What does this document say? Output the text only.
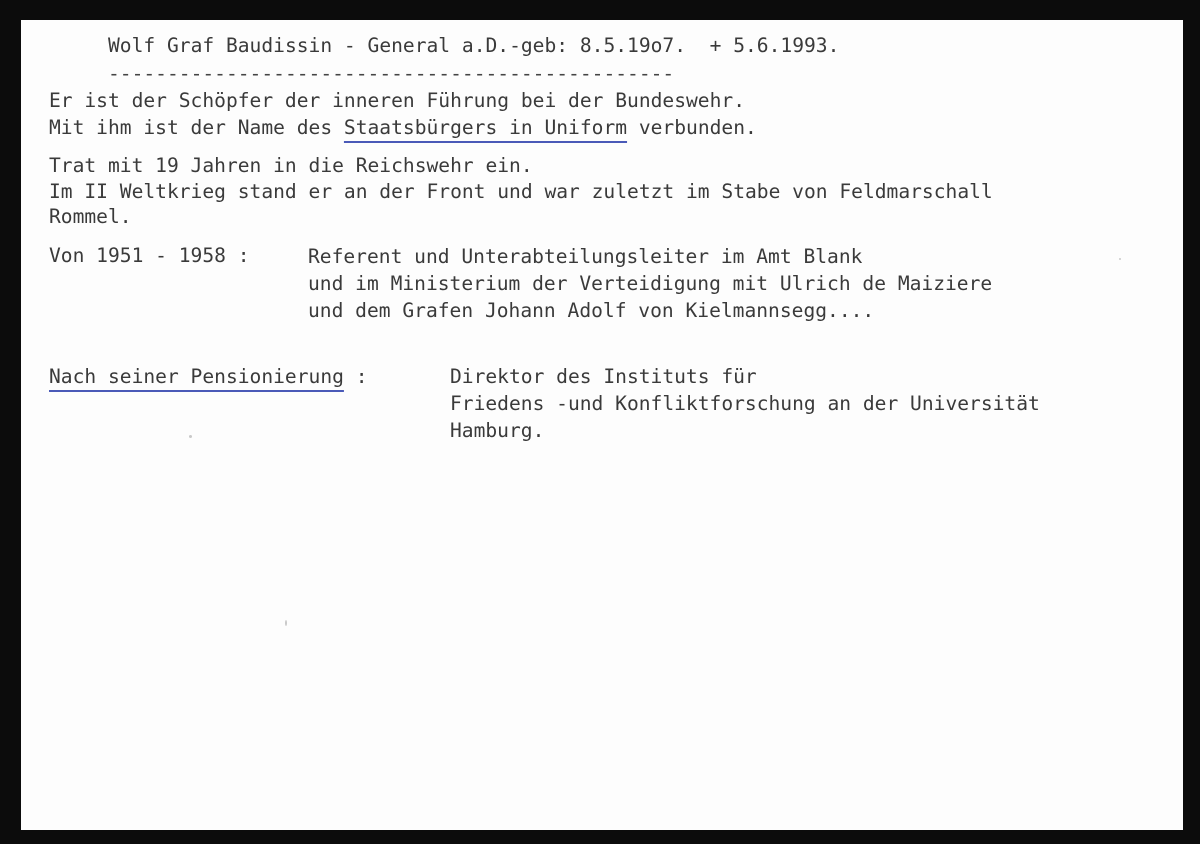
Wolf Graf Baudissin - General a.D.-geb: 8.5.19o7.  + 5.6.1993.
------------------------------------------------
Er ist der Schöpfer der inneren Führung bei der Bundeswehr.
Mit ihm ist der Name des Staatsbürgers in Uniform verbunden.
Trat mit 19 Jahren in die Reichswehr ein.
Im II Weltkrieg stand er an der Front und war zuletzt im Stabe von Feldmarschall
Rommel.
Von 1951 - 1958 :	Referent und Unterabteilungsleiter im Amt Blank
und im Ministerium der Verteidigung mit Ulrich de Maiziere
und dem Grafen Johann Adolf von Kielmannsegg....
Nach seiner Pensionierung :	Direktor des Instituts für
Friedens -und Konfliktforschung an der Universität
Hamburg.
